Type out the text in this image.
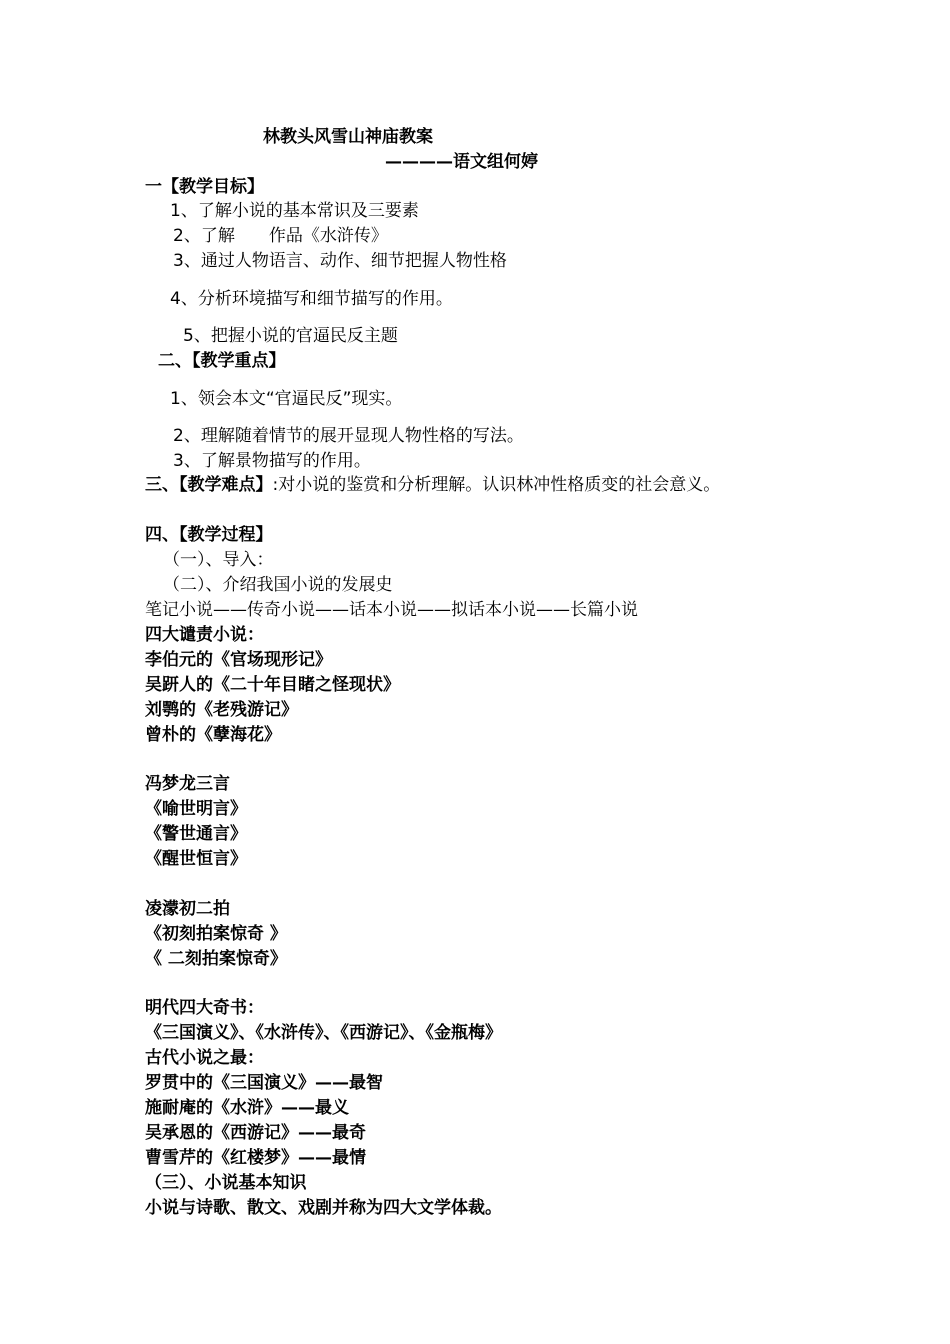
林教头风雪山神庙教案
————语文组何婷
一【教学目标】
1、了解小说的基本常识及三要素
2、了解　　作品《水浒传》
3、通过人物语言、动作、细节把握人物性格
4、分析环境描写和细节描写的作用。
5、把握小说的官逼民反主题
二、【教学重点】
1、领会本文“官逼民反”现实。
2、理解随着情节的展开显现人物性格的写法。
3、了解景物描写的作用。
三、【教学难点】:对小说的鉴赏和分析理解。认识林冲性格质变的社会意义。
四、【教学过程】
（一）、导入：
（二）、介绍我国小说的发展史
笔记小说——传奇小说——话本小说——拟话本小说——长篇小说
四大谴责小说：
李伯元的《官场现形记》
吴趼人的《二十年目睹之怪现状》
刘鹗的《老残游记》
曾朴的《孽海花》
冯梦龙三言
《喻世明言》
《警世通言》
《醒世恒言》
凌濛初二拍
《初刻拍案惊奇 》
《 二刻拍案惊奇》
明代四大奇书：
《三国演义》、《水浒传》、《西游记》、《金瓶梅》
古代小说之最：
罗贯中的《三国演义》——最智
施耐庵的《水浒》——最义
吴承恩的《西游记》——最奇
曹雪芹的《红楼梦》——最情
（三）、小说基本知识
小说与诗歌、散文、戏剧并称为四大文学体裁。
